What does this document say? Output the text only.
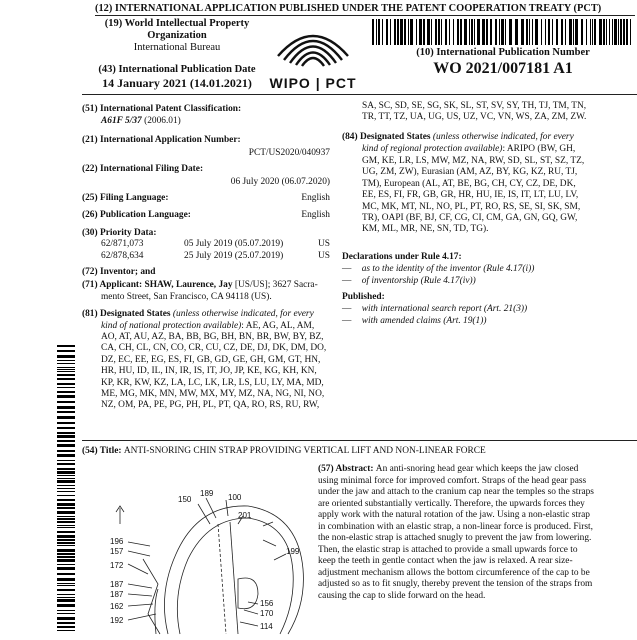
(12) INTERNATIONAL APPLICATION PUBLISHED UNDER THE PATENT COOPERATION TREATY (PCT)
(19) World Intellectual Property
Organization
International Bureau
(43) International Publication Date
14 January 2021 (14.01.2021)	WIPO | PCT
(10) International Publication Number
WO 2021/007181 A1
(51) International Patent Classification:
A61F 5/37 (2006.01)
(21) International Application Number:
PCT/US2020/040937
(22) International Filing Date:
06 July 2020 (06.07.2020)
(25) Filing Language:	English
(26) Publication Language:	English
(30) Priority Data:
62/871,073	05 July 2019 (05.07.2019)	US
62/878,634	25 July 2019 (25.07.2019)	US
(72) Inventor; and
(71) Applicant: SHAW, Laurence, Jay [US/US]; 3627 Sacra-
mento Street, San Francisco, CA 94118 (US).
(81) Designated States (unless otherwise indicated, for every
kind of national protection available): AE, AG, AL, AM,
AO, AT, AU, AZ, BA, BB, BG, BH, BN, BR, BW, BY, BZ,
CA, CH, CL, CN, CO, CR, CU, CZ, DE, DJ, DK, DM, DO,
DZ, EC, EE, EG, ES, FI, GB, GD, GE, GH, GM, GT, HN,
HR, HU, ID, IL, IN, IR, IS, IT, JO, JP, KE, KG, KH, KN,
KP, KR, KW, KZ, LA, LC, LK, LR, LS, LU, LY, MA, MD,
ME, MG, MK, MN, MW, MX, MY, MZ, NA, NG, NI, NO,
NZ, OM, PA, PE, PG, PH, PL, PT, QA, RO, RS, RU, RW,
SA, SC, SD, SE, SG, SK, SL, ST, SV, SY, TH, TJ, TM, TN,
TR, TT, TZ, UA, UG, US, UZ, VC, VN, WS, ZA, ZM, ZW.
(84) Designated States (unless otherwise indicated, for every
kind of regional protection available): ARIPO (BW, GH,
GM, KE, LR, LS, MW, MZ, NA, RW, SD, SL, ST, SZ, TZ,
UG, ZM, ZW), Eurasian (AM, AZ, BY, KG, KZ, RU, TJ,
TM), European (AL, AT, BE, BG, CH, CY, CZ, DE, DK,
EE, ES, FI, FR, GB, GR, HR, HU, IE, IS, IT, LT, LU, LV,
MC, MK, MT, NL, NO, PL, PT, RO, RS, SE, SI, SK, SM,
TR), OAPI (BF, BJ, CF, CG, CI, CM, GA, GN, GQ, GW,
KM, ML, MR, NE, SN, TD, TG).
Declarations under Rule 4.17:
— as to the identity of the inventor (Rule 4.17(i))
— of inventorship (Rule 4.17(iv))
Published:
— with international search report (Art. 21(3))
— with amended claims (Art. 19(1))
(54) Title: ANTI-SNORING CHIN STRAP PROVIDING VERTICAL LIFT AND NON-LINEAR FORCE
150
189 100
196
157
172
187
187
162
192
201
199
156
170
114
(57) Abstract: An anti-snoring head gear which keeps the jaw closed
using minimal force for improved comfort. Straps of the head gear pass
under the jaw and attach to the cranium cap near the temples so the straps
are oriented substantially vertically. Therefore, the upwards forces they
apply work with the natural rotation of the jaw. Using a non-elastic strap
in combination with an elastic strap, a non-linear force is produced. First,
the non-elastic strap is attached snugly to prevent the jaw from lowering.
Then, the elastic strap is attached to provide a small upwards force to
keep the teeth in gentle contact when the jaw is relaxed. A rear size-
adjustment mechanism allows the bottom circumference of the cap to be
adjusted so as to fit snugly, thereby prevent the tension of the straps from
causing the cap to slide forward on the head.
